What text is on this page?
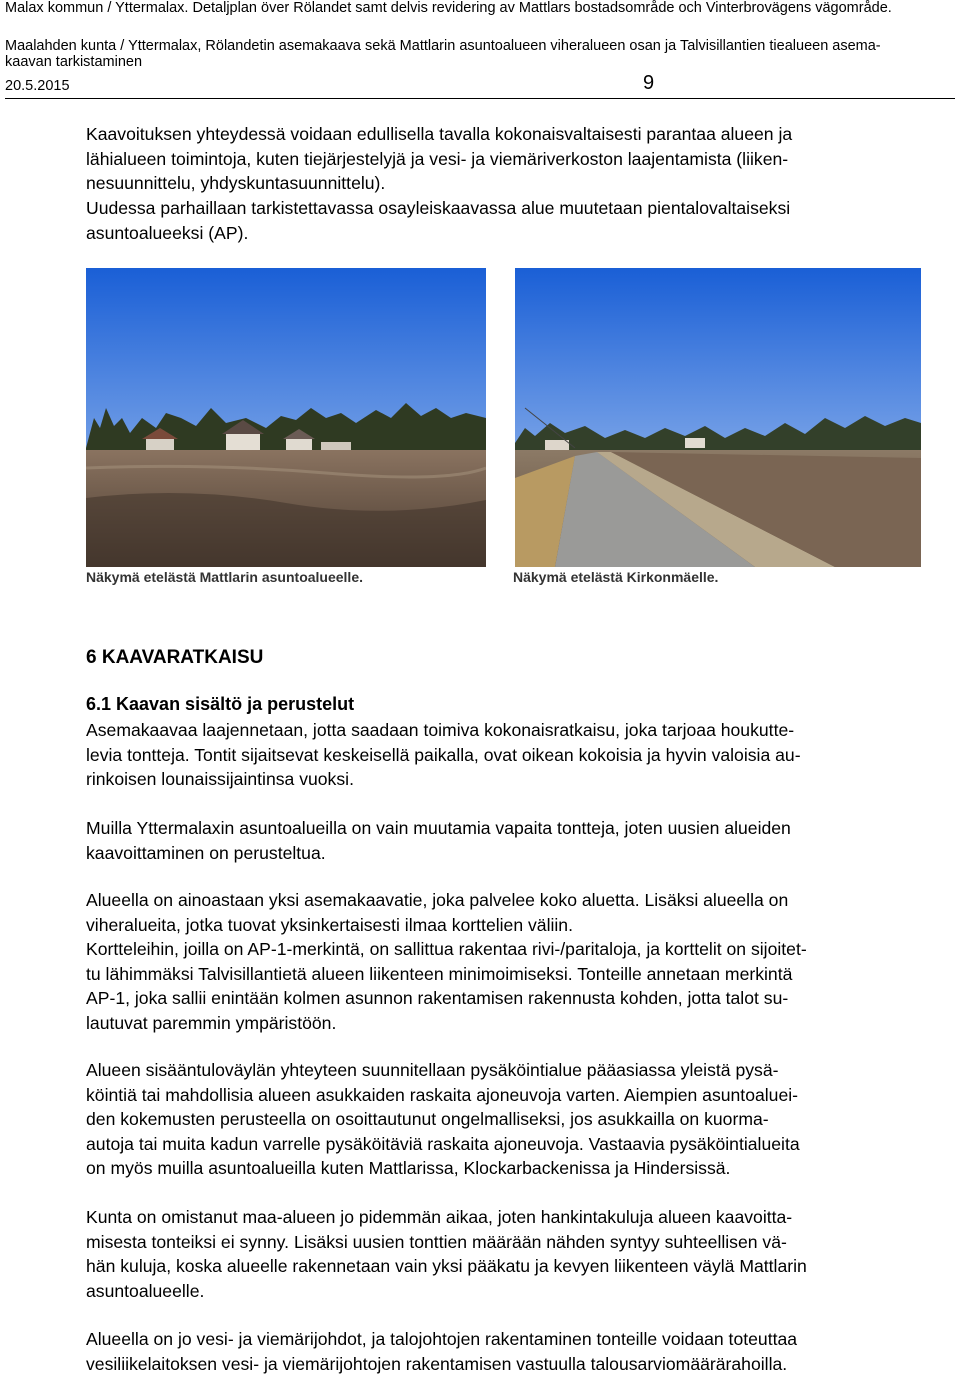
Malax kommun / Yttermalax. Detaljplan över Rölandet samt delvis revidering av Mattlars bostadsområde och Vinterbrovägens vägområde.
Maalahden kunta / Yttermalax, Rölandetin asemakaava sekä Mattlarin asuntoalueen viheralueen osan ja Talvisillantien tiealueen asema-
kaavan tarkistaminen
20.5.2015	9
Kaavoituksen yhteydessä voidaan edullisella tavalla kokonaisvaltaisesti parantaa alueen ja
lähialueen toimintoja, kuten tiejärjestelyjä ja vesi- ja viemäriverkoston laajentamista (liiken-
nesuunnittelu, yhdyskuntasuunnittelu).
Uudessa parhaillaan tarkistettavassa osayleiskaavassa alue muutetaan pientalovaltaiseksi
asuntoalueeksi (AP).
Näkymä etelästä Mattlarin asuntoalueelle.	Näkymä etelästä Kirkonmäelle.
6 KAAVARATKAISU
6.1 Kaavan sisältö ja perustelut
Asemakaavaa laajennetaan, jotta saadaan toimiva kokonaisratkaisu, joka tarjoaa houkutte-
levia tontteja. Tontit sijaitsevat keskeisellä paikalla, ovat oikean kokoisia ja hyvin valoisia au-
rinkoisen lounaissijaintinsa vuoksi.
Muilla Yttermalaxin asuntoalueilla on vain muutamia vapaita tontteja, joten uusien alueiden
kaavoittaminen on perusteltua.
Alueella on ainoastaan yksi asemakaavatie, joka palvelee koko aluetta. Lisäksi alueella on
viheralueita, jotka tuovat yksinkertaisesti ilmaa korttelien väliin.
Kortteleihin, joilla on AP-1-merkintä, on sallittua rakentaa rivi-/paritaloja, ja korttelit on sijoitet-
tu lähimmäksi Talvisillantietä alueen liikenteen minimoimiseksi. Tonteille annetaan merkintä
AP-1, joka sallii enintään kolmen asunnon rakentamisen rakennusta kohden, jotta talot su-
lautuvat paremmin ympäristöön.
Alueen sisääntuloväylän yhteyteen suunnitellaan pysäköintialue pääasiassa yleistä pysä-
köintiä tai mahdollisia alueen asukkaiden raskaita ajoneuvoja varten. Aiempien asuntoaluei-
den kokemusten perusteella on osoittautunut ongelmalliseksi, jos asukkailla on kuorma-
autoja tai muita kadun varrelle pysäköitäviä raskaita ajoneuvoja. Vastaavia pysäköintialueita
on myös muilla asuntoalueilla kuten Mattlarissa, Klockarbackenissa ja Hindersissä.
Kunta on omistanut maa-alueen jo pidemmän aikaa, joten hankintakuluja alueen kaavoitta-
misesta tonteiksi ei synny. Lisäksi uusien tonttien määrään nähden syntyy suhteellisen vä-
hän kuluja, koska alueelle rakennetaan vain yksi pääkatu ja kevyen liikenteen väylä Mattlarin
asuntoalueelle.
Alueella on jo vesi- ja viemärijohdot, ja talojohtojen rakentaminen tonteille voidaan toteuttaa
vesiliikelaitoksen vesi- ja viemärijohtojen rakentamisen vastuulla talousarviomäärärahoilla.
